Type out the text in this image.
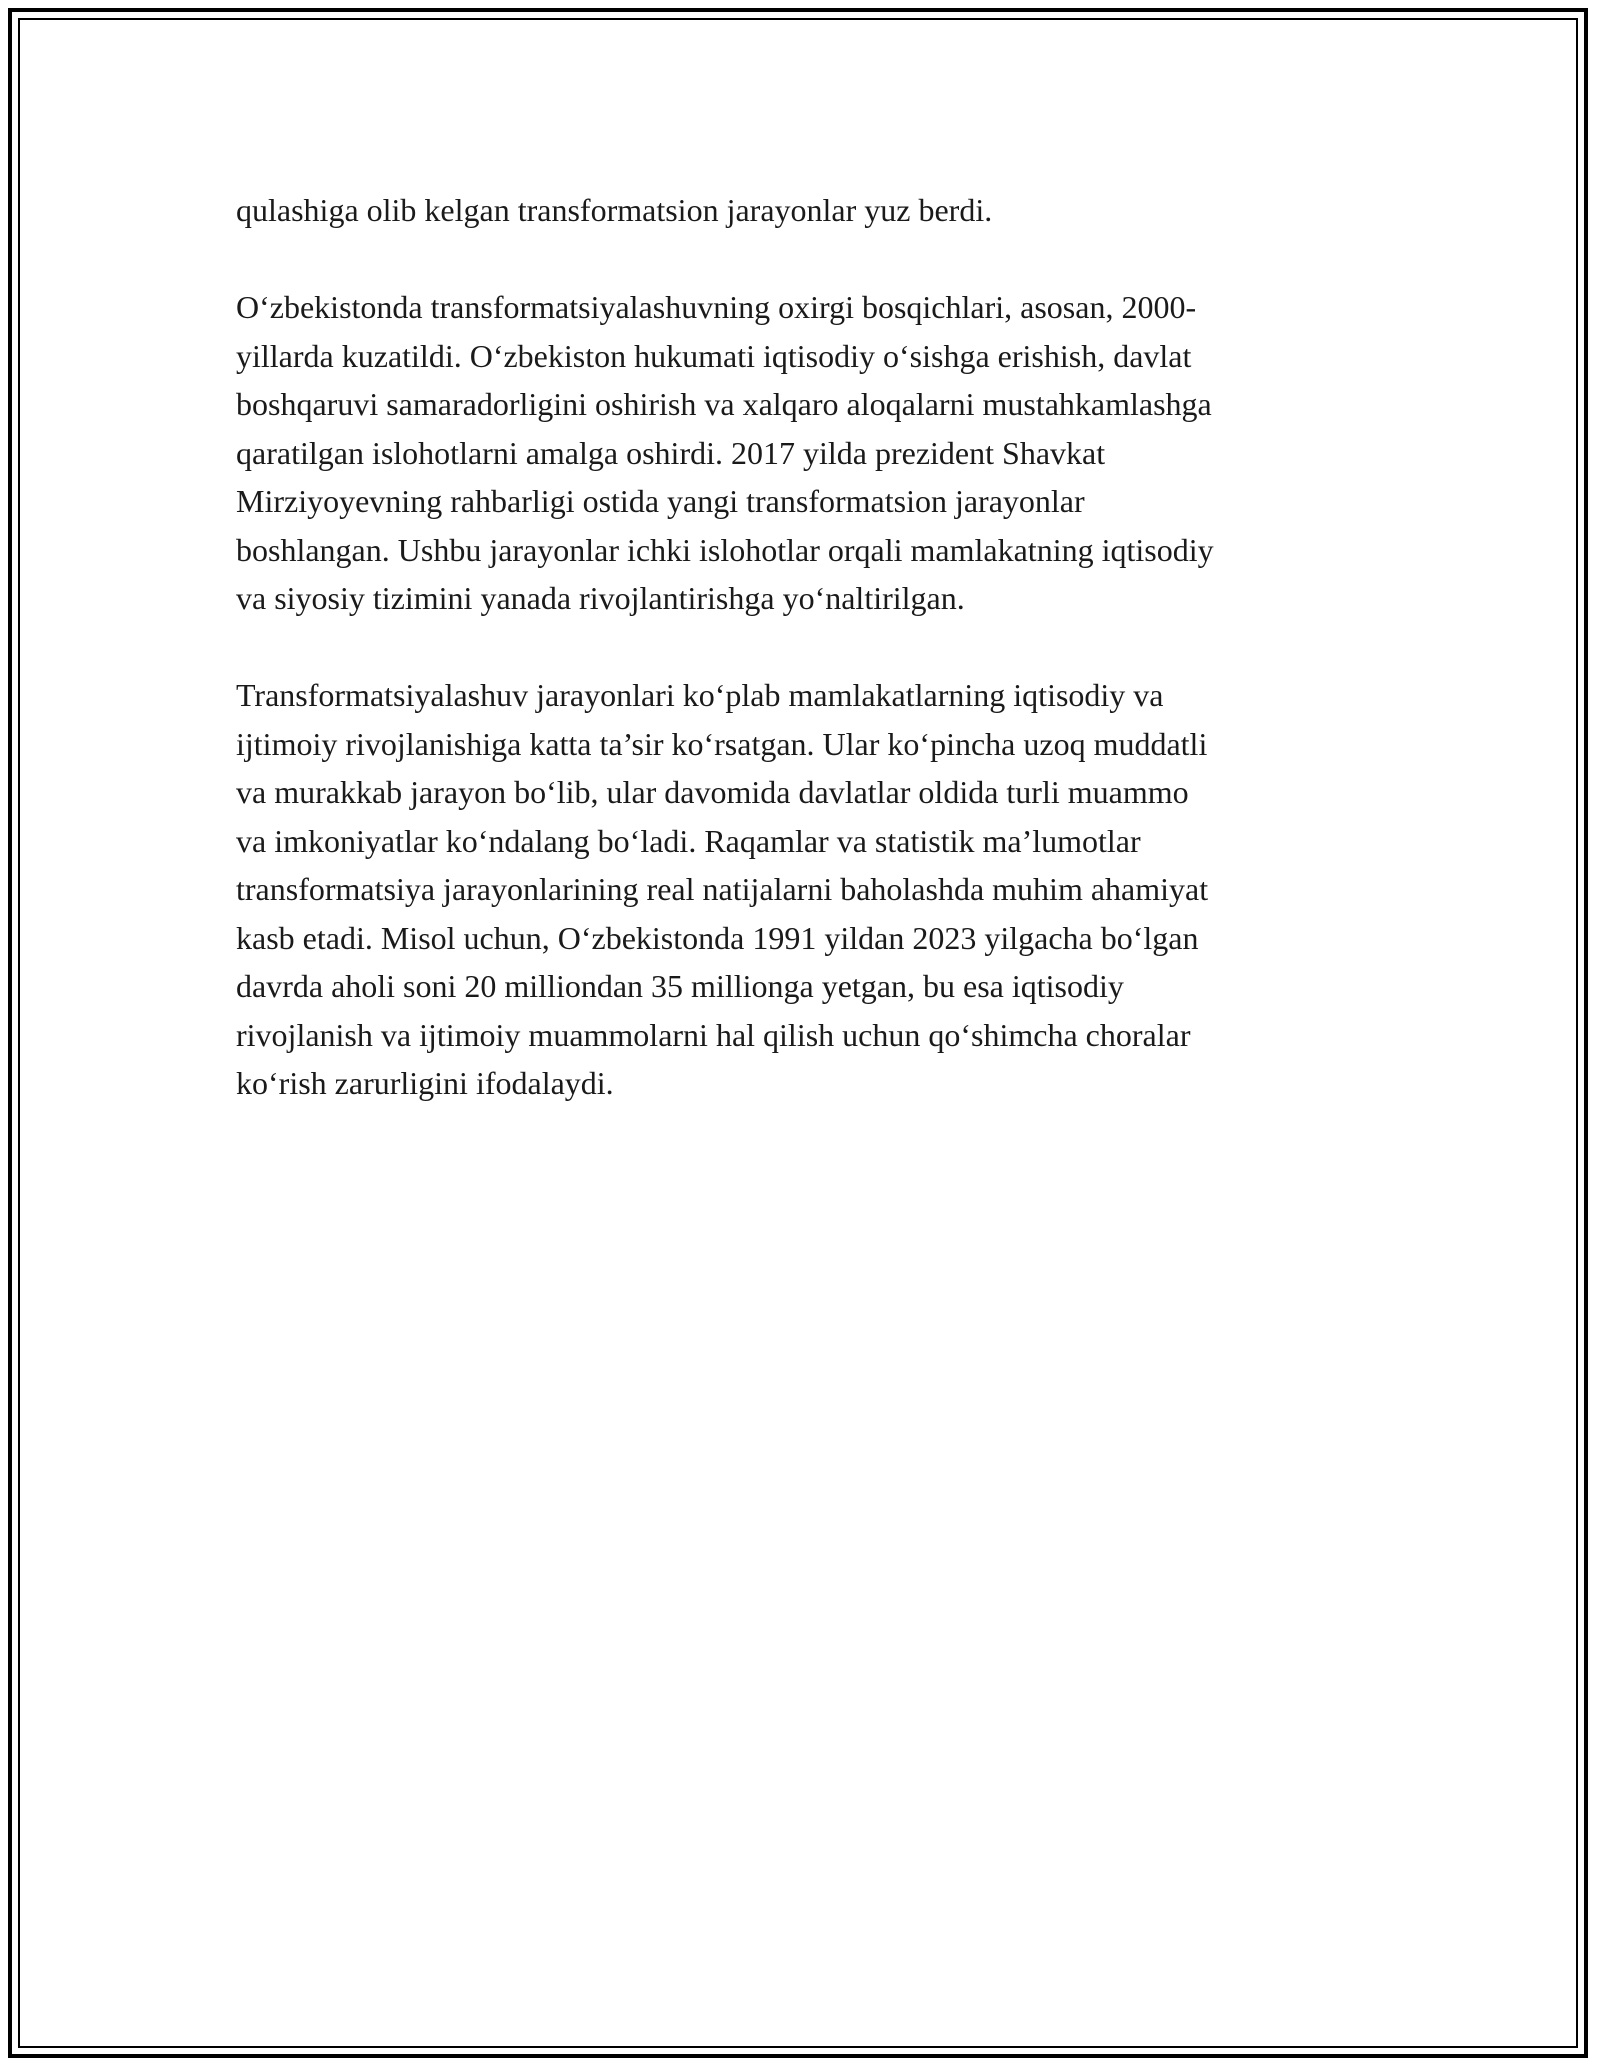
qulashiga olib kelgan transformatsion jarayonlar yuz berdi.

O‘zbekistonda transformatsiyalashuvning oxirgi bosqichlari, asosan, 2000-
yillarda kuzatildi. O‘zbekiston hukumati iqtisodiy o‘sishga erishish, davlat
boshqaruvi samaradorligini oshirish va xalqaro aloqalarni mustahkamlashga
qaratilgan islohotlarni amalga oshirdi. 2017 yilda prezident Shavkat
Mirziyoyevning rahbarligi ostida yangi transformatsion jarayonlar
boshlangan. Ushbu jarayonlar ichki islohotlar orqali mamlakatning iqtisodiy
va siyosiy tizimini yanada rivojlantirishga yo‘naltirilgan.

Transformatsiyalashuv jarayonlari ko‘plab mamlakatlarning iqtisodiy va
ijtimoiy rivojlanishiga katta ta’sir ko‘rsatgan. Ular ko‘pincha uzoq muddatli
va murakkab jarayon bo‘lib, ular davomida davlatlar oldida turli muammo
va imkoniyatlar ko‘ndalang bo‘ladi. Raqamlar va statistik ma’lumotlar
transformatsiya jarayonlarining real natijalarni baholashda muhim ahamiyat
kasb etadi. Misol uchun, O‘zbekistonda 1991 yildan 2023 yilgacha bo‘lgan
davrda aholi soni 20 milliondan 35 millionga yetgan, bu esa iqtisodiy
rivojlanish va ijtimoiy muammolarni hal qilish uchun qo‘shimcha choralar
ko‘rish zarurligini ifodalaydi.
